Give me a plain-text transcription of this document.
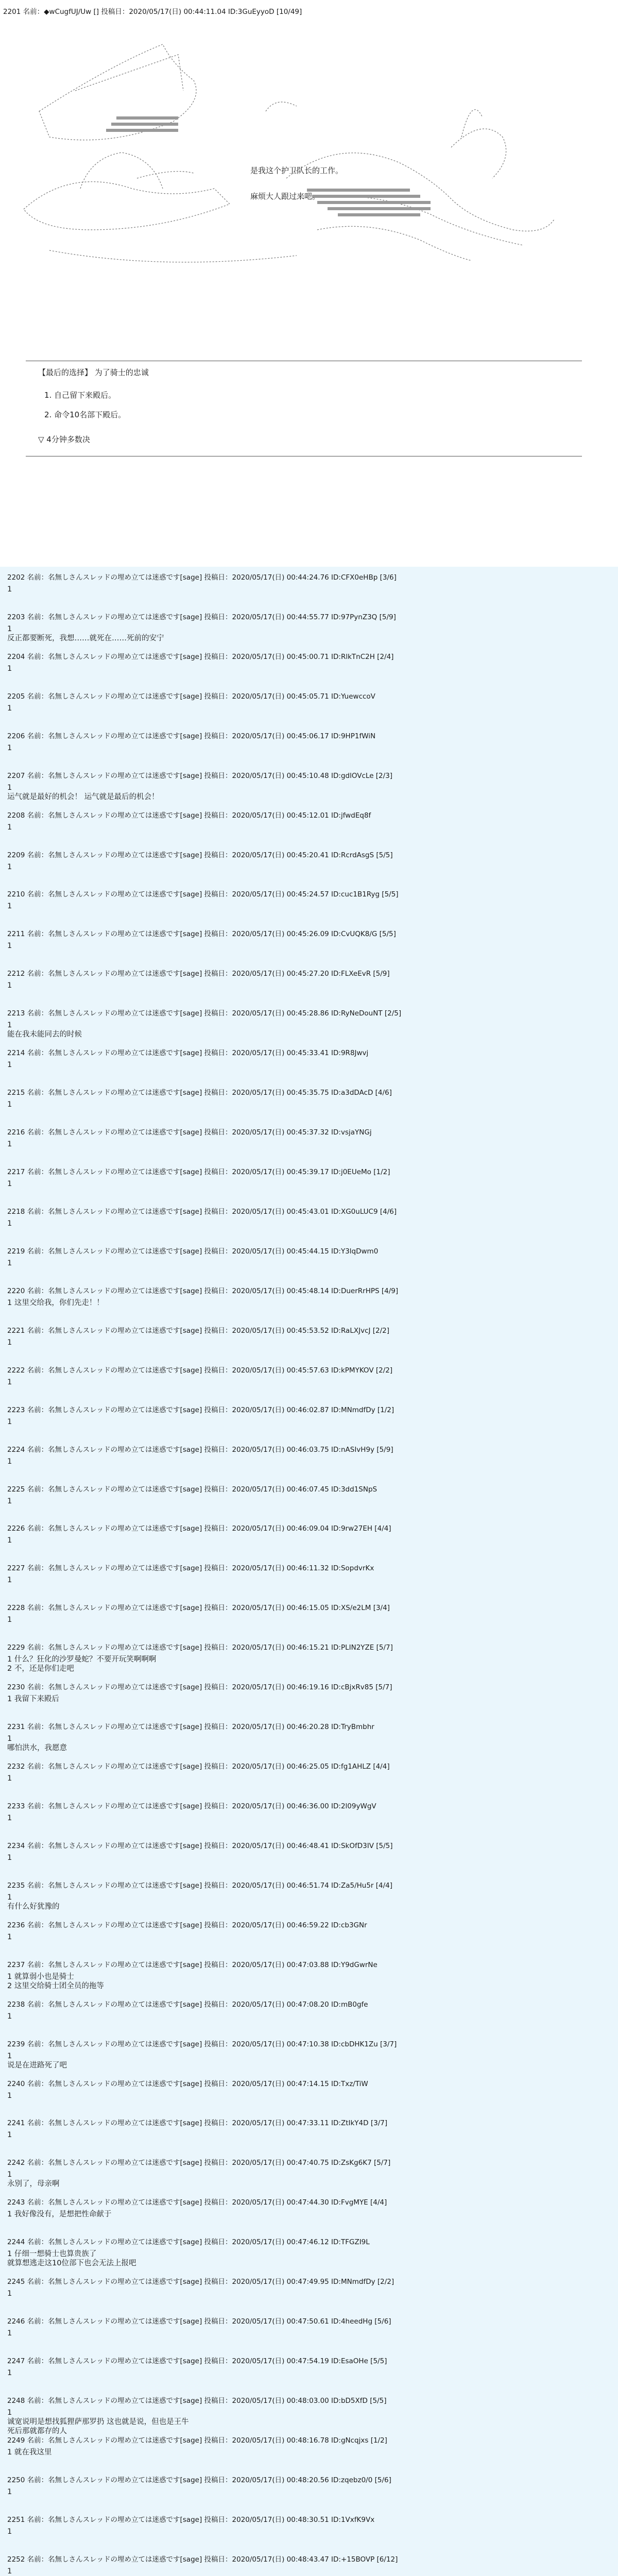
2201 名前：◆wCugfUJ/Uw [] 投稿日：2020/05/17(日) 00:44:11.04 ID:3GuEyyoD [10/49]

是我这个护卫队长的工作。
麻烦大人跟过来吧。
【最后的选择】 为了骑士的忠诚
1. 自己留下来殿后。
2. 命令10名部下殿后。
▽ 4分钟多数决

2202 名前：名無しさんスレッドの埋め立ては迷惑です[sage] 投稿日：2020/05/17(日) 00:44:24.76 ID:CFX0eHBp [3/6]

1

2203 名前：名無しさんスレッドの埋め立ては迷惑です[sage] 投稿日：2020/05/17(日) 00:44:55.77 ID:97PynZ3Q [5/9]

1
反正都要断死，我想……就死在……死前的安宁

2204 名前：名無しさんスレッドの埋め立ては迷惑です[sage] 投稿日：2020/05/17(日) 00:45:00.71 ID:RlkTnC2H [2/4]

1

2205 名前：名無しさんスレッドの埋め立ては迷惑です[sage] 投稿日：2020/05/17(日) 00:45:05.71 ID:YuewccoV

1

2206 名前：名無しさんスレッドの埋め立ては迷惑です[sage] 投稿日：2020/05/17(日) 00:45:06.17 ID:9HP1fWiN

1

2207 名前：名無しさんスレッドの埋め立ては迷惑です[sage] 投稿日：2020/05/17(日) 00:45:10.48 ID:gdlOVcLe [2/3]

1
运气就是最好的机会！ 运气就是最后的机会！

2208 名前：名無しさんスレッドの埋め立ては迷惑です[sage] 投稿日：2020/05/17(日) 00:45:12.01 ID:jfwdEq8f

1

2209 名前：名無しさんスレッドの埋め立ては迷惑です[sage] 投稿日：2020/05/17(日) 00:45:20.41 ID:RcrdAsgS [5/5]

1

2210 名前：名無しさんスレッドの埋め立ては迷惑です[sage] 投稿日：2020/05/17(日) 00:45:24.57 ID:cuc1B1Ryg [5/5]

1

2211 名前：名無しさんスレッドの埋め立ては迷惑です[sage] 投稿日：2020/05/17(日) 00:45:26.09 ID:CvUQK8/G [5/5]

1

2212 名前：名無しさんスレッドの埋め立ては迷惑です[sage] 投稿日：2020/05/17(日) 00:45:27.20 ID:FLXeEvR [5/9]

1

2213 名前：名無しさんスレッドの埋め立ては迷惑です[sage] 投稿日：2020/05/17(日) 00:45:28.86 ID:RyNeDouNT [2/5]

1
能在我未能同去的时候

2214 名前：名無しさんスレッドの埋め立ては迷惑です[sage] 投稿日：2020/05/17(日) 00:45:33.41 ID:9R8Jwvj

1

2215 名前：名無しさんスレッドの埋め立ては迷惑です[sage] 投稿日：2020/05/17(日) 00:45:35.75 ID:a3dDAcD [4/6]

1

2216 名前：名無しさんスレッドの埋め立ては迷惑です[sage] 投稿日：2020/05/17(日) 00:45:37.32 ID:vsjaYNGj

1

2217 名前：名無しさんスレッドの埋め立ては迷惑です[sage] 投稿日：2020/05/17(日) 00:45:39.17 ID:j0EUeMo [1/2]

1

2218 名前：名無しさんスレッドの埋め立ては迷惑です[sage] 投稿日：2020/05/17(日) 00:45:43.01 ID:XG0uLUC9 [4/6]

1

2219 名前：名無しさんスレッドの埋め立ては迷惑です[sage] 投稿日：2020/05/17(日) 00:45:44.15 ID:Y3lqDwm0

1

2220 名前：名無しさんスレッドの埋め立ては迷惑です[sage] 投稿日：2020/05/17(日) 00:45:48.14 ID:DuerRrHPS [4/9]

1 这里交给我，你们先走！！

2221 名前：名無しさんスレッドの埋め立ては迷惑です[sage] 投稿日：2020/05/17(日) 00:45:53.52 ID:RaLXJvcJ [2/2]

1

2222 名前：名無しさんスレッドの埋め立ては迷惑です[sage] 投稿日：2020/05/17(日) 00:45:57.63 ID:kPMYKOV [2/2]

1

2223 名前：名無しさんスレッドの埋め立ては迷惑です[sage] 投稿日：2020/05/17(日) 00:46:02.87 ID:MNmdfDy [1/2]

1

2224 名前：名無しさんスレッドの埋め立ては迷惑です[sage] 投稿日：2020/05/17(日) 00:46:03.75 ID:nASIvH9y [5/9]

1

2225 名前：名無しさんスレッドの埋め立ては迷惑です[sage] 投稿日：2020/05/17(日) 00:46:07.45 ID:3dd1SNpS

1

2226 名前：名無しさんスレッドの埋め立ては迷惑です[sage] 投稿日：2020/05/17(日) 00:46:09.04 ID:9rw27EH [4/4]

1

2227 名前：名無しさんスレッドの埋め立ては迷惑です[sage] 投稿日：2020/05/17(日) 00:46:11.32 ID:SopdvrKx

1

2228 名前：名無しさんスレッドの埋め立ては迷惑です[sage] 投稿日：2020/05/17(日) 00:46:15.05 ID:XS/e2LM [3/4]

1

2229 名前：名無しさんスレッドの埋め立ては迷惑です[sage] 投稿日：2020/05/17(日) 00:46:15.21 ID:PLIN2YZE [5/7]

1 什么？狂化的沙罗曼蛇？不要开玩笑啊啊啊
2 不，还是你们走吧

2230 名前：名無しさんスレッドの埋め立ては迷惑です[sage] 投稿日：2020/05/17(日) 00:46:19.16 ID:cBjxRv85 [5/7]

1 我留下来殿后

2231 名前：名無しさんスレッドの埋め立ては迷惑です[sage] 投稿日：2020/05/17(日) 00:46:20.28 ID:TryBmbhr

1
哪怕洪水，我愿意

2232 名前：名無しさんスレッドの埋め立ては迷惑です[sage] 投稿日：2020/05/17(日) 00:46:25.05 ID:fg1AHLZ [4/4]

1

2233 名前：名無しさんスレッドの埋め立ては迷惑です[sage] 投稿日：2020/05/17(日) 00:46:36.00 ID:2l09yWgV

1

2234 名前：名無しさんスレッドの埋め立ては迷惑です[sage] 投稿日：2020/05/17(日) 00:46:48.41 ID:SkOfD3IV [5/5]

1

2235 名前：名無しさんスレッドの埋め立ては迷惑です[sage] 投稿日：2020/05/17(日) 00:46:51.74 ID:Za5/Hu5r [4/4]

1
有什么好犹豫的

2236 名前：名無しさんスレッドの埋め立ては迷惑です[sage] 投稿日：2020/05/17(日) 00:46:59.22 ID:cb3GNr

1

2237 名前：名無しさんスレッドの埋め立ては迷惑です[sage] 投稿日：2020/05/17(日) 00:47:03.88 ID:Y9dGwrNe

1 就算弱小也是骑士
2 这里交给骑士团全员的拖等

2238 名前：名無しさんスレッドの埋め立ては迷惑です[sage] 投稿日：2020/05/17(日) 00:47:08.20 ID:mB0gfe

1

2239 名前：名無しさんスレッドの埋め立ては迷惑です[sage] 投稿日：2020/05/17(日) 00:47:10.38 ID:cbDHK1Zu [3/7]

1
说是在进路死了吧

2240 名前：名無しさんスレッドの埋め立ては迷惑です[sage] 投稿日：2020/05/17(日) 00:47:14.15 ID:Txz/TiW

1

2241 名前：名無しさんスレッドの埋め立ては迷惑です[sage] 投稿日：2020/05/17(日) 00:47:33.11 ID:ZtIkY4D [3/7]

1

2242 名前：名無しさんスレッドの埋め立ては迷惑です[sage] 投稿日：2020/05/17(日) 00:47:40.75 ID:ZsKg6K7 [5/7]

1
永别了，母亲啊

2243 名前：名無しさんスレッドの埋め立ては迷惑です[sage] 投稿日：2020/05/17(日) 00:47:44.30 ID:FvgMYE [4/4]

1 我好像没有，是想把性命献于

2244 名前：名無しさんスレッドの埋め立ては迷惑です[sage] 投稿日：2020/05/17(日) 00:47:46.12 ID:TFGZI9L

1 仔细一想骑士也算贵族了
就算想逃走这10位部下也会无法上报吧

2245 名前：名無しさんスレッドの埋め立ては迷惑です[sage] 投稿日：2020/05/17(日) 00:47:49.95 ID:MNmdfDy [2/2]

1

2246 名前：名無しさんスレッドの埋め立ては迷惑です[sage] 投稿日：2020/05/17(日) 00:47:50.61 ID:4heedHg [5/6]

1

2247 名前：名無しさんスレッドの埋め立ては迷惑です[sage] 投稿日：2020/05/17(日) 00:47:54.19 ID:EsaOHe [5/5]

1

2248 名前：名無しさんスレッドの埋め立ては迷惑です[sage] 投稿日：2020/05/17(日) 00:48:03.00 ID:bD5XfD [5/5]

1
诚宽说明是想找狐狸萨那罗扔 这也就是说，但也是王牛
死后那就都存的人

2249 名前：名無しさんスレッドの埋め立ては迷惑です[sage] 投稿日：2020/05/17(日) 00:48:16.78 ID:gNcqjxs [1/2]

1 就在我这里

2250 名前：名無しさんスレッドの埋め立ては迷惑です[sage] 投稿日：2020/05/17(日) 00:48:20.56 ID:zqebz0/0 [5/6]

1

2251 名前：名無しさんスレッドの埋め立ては迷惑です[sage] 投稿日：2020/05/17(日) 00:48:30.51 ID:1VxfK9Vx

1

2252 名前：名無しさんスレッドの埋め立ては迷惑です[sage] 投稿日：2020/05/17(日) 00:48:43.47 ID:+15BOVP [6/12]

1
